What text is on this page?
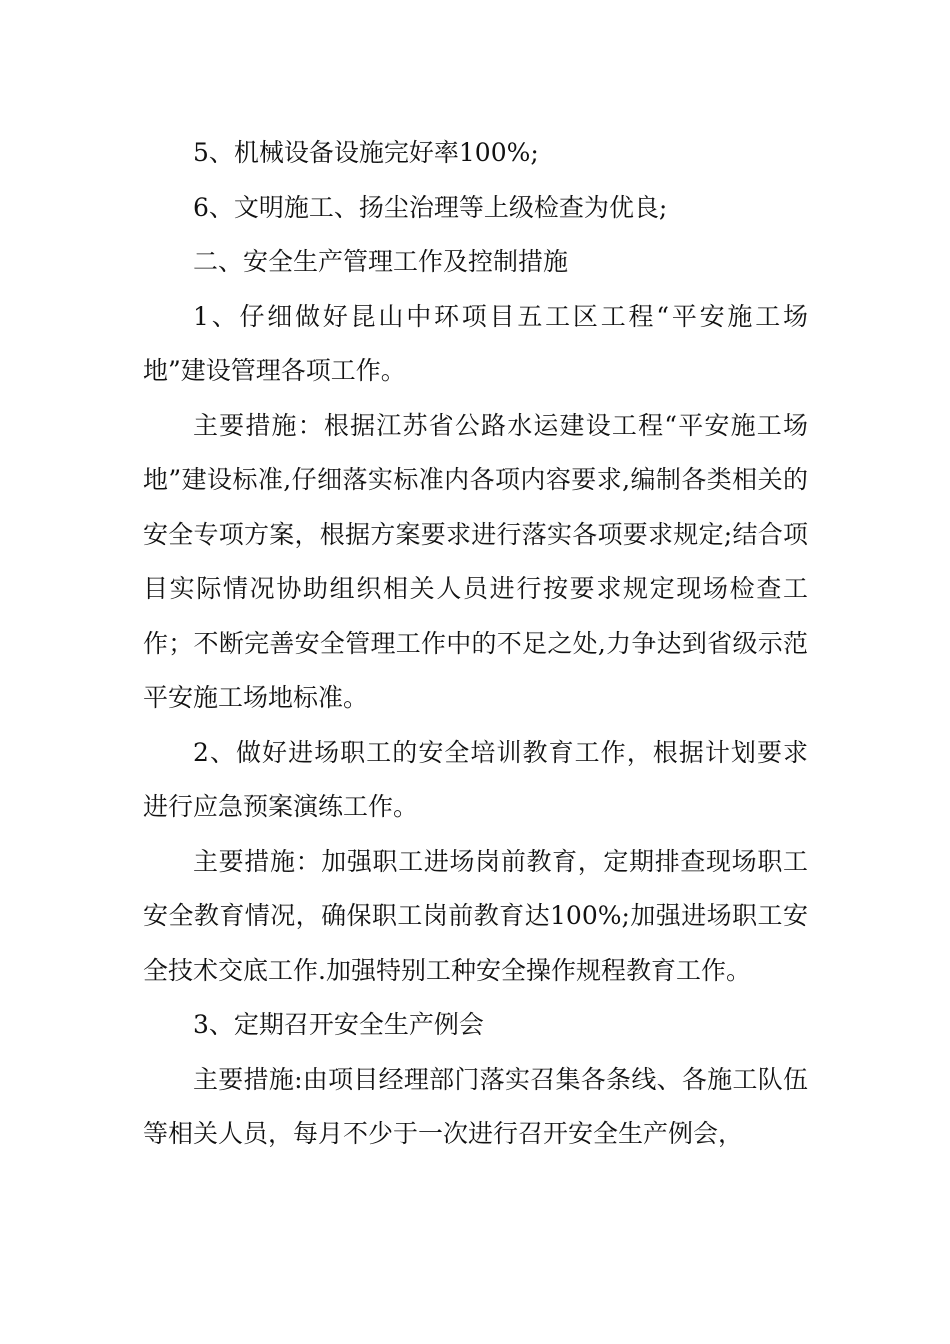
5、机械设备设施完好率100%;

6、文明施工、扬尘治理等上级检查为优良;

二、安全生产管理工作及控制措施

1、仔细做好昆山中环项目五工区工程“平安施工场地”建设管理各项工作。

主要措施：根据江苏省公路水运建设工程“平安施工场地”建设标准,仔细落实标准内各项内容要求,编制各类相关的安全专项方案，根据方案要求进行落实各项要求规定;结合项目实际情况协助组织相关人员进行按要求规定现场检查工作；不断完善安全管理工作中的不足之处,力争达到省级示范平安施工场地标准。

2、做好进场职工的安全培训教育工作，根据计划要求进行应急预案演练工作。

主要措施：加强职工进场岗前教育，定期排查现场职工安全教育情况，确保职工岗前教育达100%;加强进场职工安全技术交底工作.加强特别工种安全操作规程教育工作。

3、定期召开安全生产例会

主要措施:由项目经理部门落实召集各条线、各施工队伍等相关人员，每月不少于一次进行召开安全生产例会，
